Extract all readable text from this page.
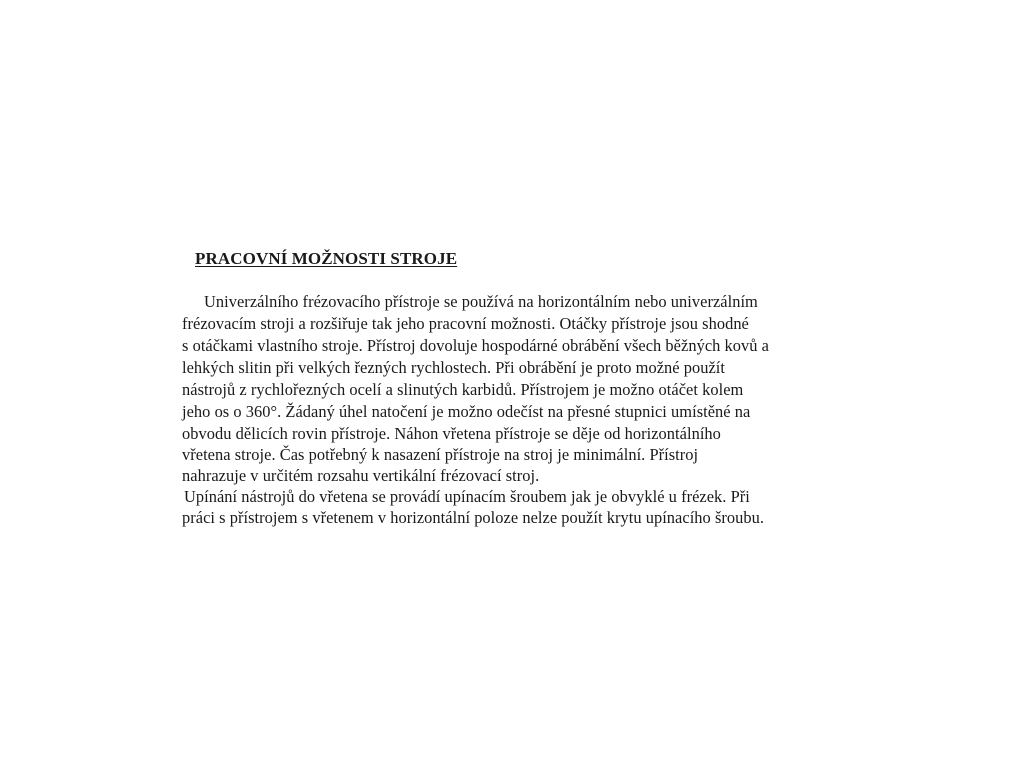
PRACOVNÍ MOŽNOSTI STROJE
Univerzálního frézovacího přístroje se používá na horizontálním nebo univerzálním
frézovacím stroji a rozšiřuje tak jeho pracovní možnosti. Otáčky přístroje jsou shodné
s otáčkami vlastního stroje. Přístroj dovoluje hospodárné obrábění všech běžných kovů a
lehkých slitin při velkých řezných rychlostech. Při obrábění je proto možné použít
nástrojů z rychlořezných ocelí a slinutých karbidů. Přístrojem je možno otáčet kolem
jeho os o 360°. Žádaný úhel natočení je možno odečíst na přesné stupnici umístěné na
obvodu dělicích rovin přístroje. Náhon vřetena přístroje se děje od horizontálního
vřetena stroje. Čas potřebný k nasazení přístroje na stroj je minimální. Přístroj
nahrazuje v určitém rozsahu vertikální frézovací stroj.
Upínání nástrojů do vřetena se provádí upínacím šroubem jak je obvyklé u frézek. Při
práci s přístrojem s vřetenem v horizontální poloze nelze použít krytu upínacího šroubu.
